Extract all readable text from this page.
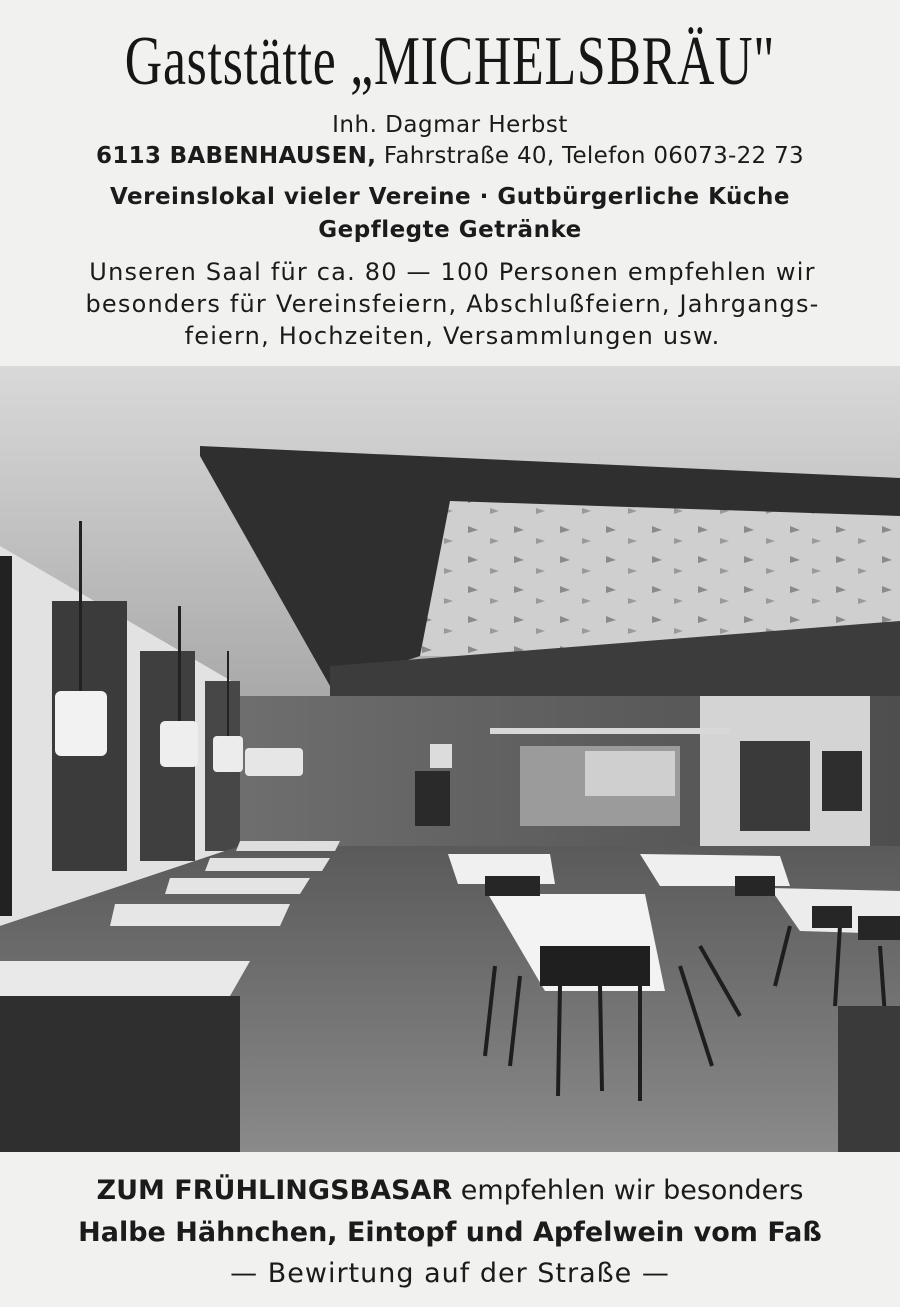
Gaststätte „MICHELSBRÄU"
Inh. Dagmar Herbst
6113 BABENHAUSEN, Fahrstraße 40, Telefon 06073-22 73
Vereinslokal vieler Vereine · Gutbürgerliche Küche
Gepflegte Getränke
Unseren Saal für ca. 80 — 100 Personen empfehlen wir
besonders für Vereinsfeiern, Abschlußfeiern, Jahrgangs-
feiern, Hochzeiten, Versammlungen usw.
ZUM FRÜHLINGSBASAR empfehlen wir besonders
Halbe Hähnchen, Eintopf und Apfelwein vom Faß
— Bewirtung auf der Straße —
